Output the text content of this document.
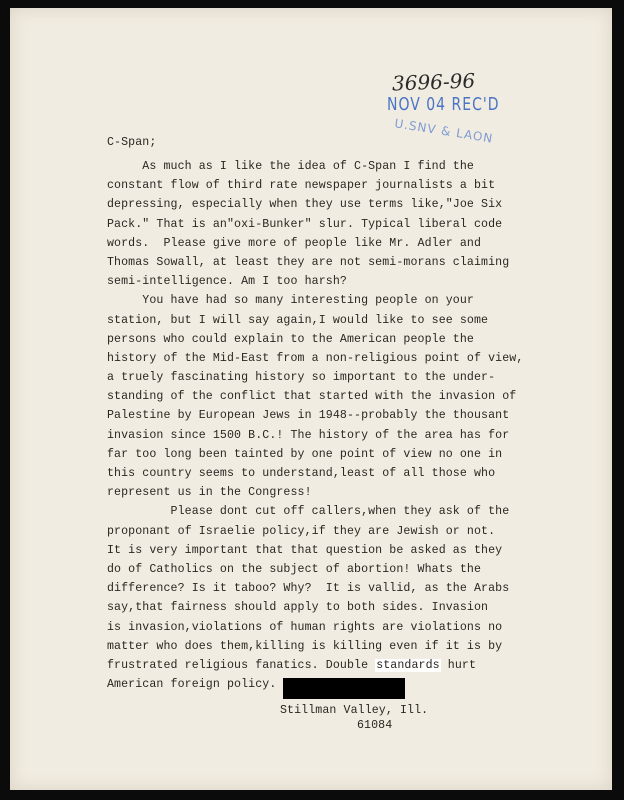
3696-96
NOV 04 REC'D
U.SNV & LAON
C-Span;
As much as I like the idea of C-Span I find the
constant flow of third rate newspaper journalists a bit
depressing, especially when they use terms like,"Joe Six
Pack." That is an"oxi-Bunker" slur. Typical liberal code
words.  Please give more of people like Mr. Adler and
Thomas Sowall, at least they are not semi-morans claiming
semi-intelligence. Am I too harsh?
You have had so many interesting people on your
station, but I will say again,I would like to see some
persons who could explain to the American people the
history of the Mid-East from a non-religious point of view,
a truely fascinating history so important to the under-
standing of the conflict that started with the invasion of
Palestine by European Jews in 1948--probably the thousant
invasion since 1500 B.C.! The history of the area has for
far too long been tainted by one point of view no one in
this country seems to understand,least of all those who
represent us in the Congress!
Please dont cut off callers,when they ask of the
proponant of Israelie policy,if they are Jewish or not.
It is very important that that question be asked as they
do of Catholics on the subject of abortion! Whats the
difference? Is it taboo? Why?  It is vallid, as the Arabs
say,that fairness should apply to both sides. Invasion
is invasion,violations of human rights are violations no
matter who does them,killing is killing even if it is by
frustrated religious fanatics. Double standards hurt
American foreign policy.
Stillman Valley, Ill.
61084
